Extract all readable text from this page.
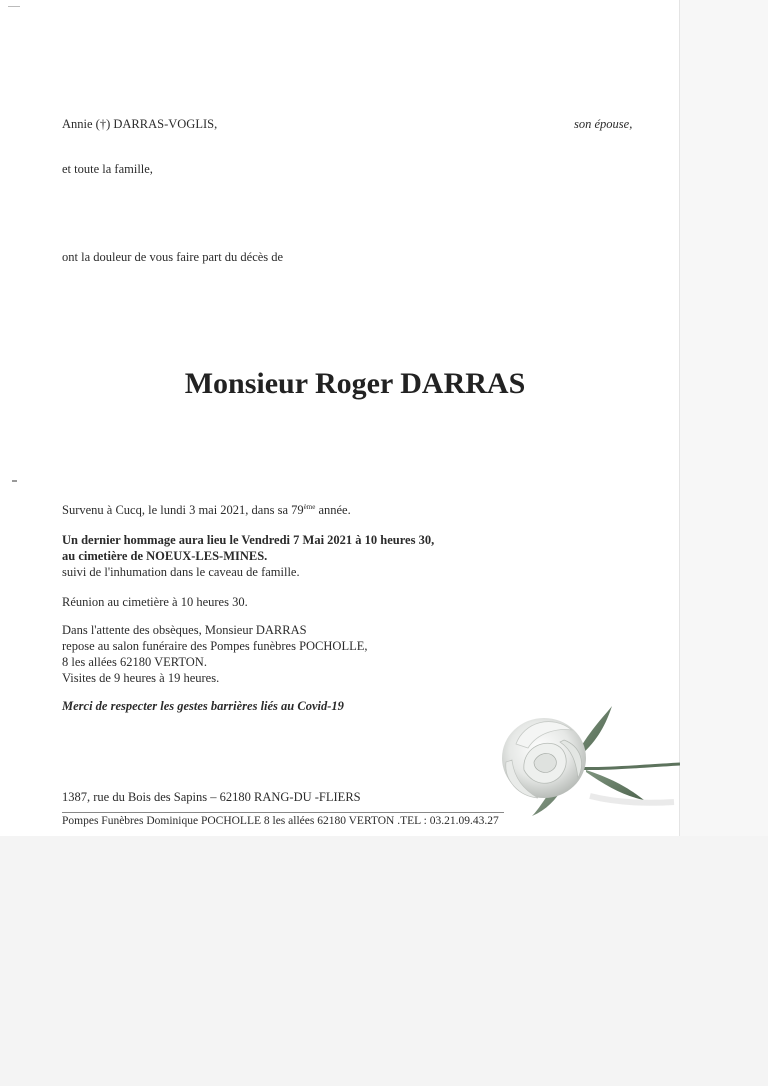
Annie (†) DARRAS-VOGLIS,	son épouse,
et toute la famille,
ont la douleur de vous faire part du décès de
Monsieur Roger DARRAS
Survenu à Cucq, le lundi 3 mai 2021, dans sa 79ème année.
Un dernier hommage aura lieu le Vendredi 7 Mai 2021 à 10 heures 30,
au cimetière de NOEUX-LES-MINES.
suivi de l'inhumation dans le caveau de famille.
Réunion au cimetière à 10 heures 30.
Dans l'attente des obsèques, Monsieur DARRAS
repose au salon funéraire des Pompes funèbres POCHOLLE,
8 les allées 62180 VERTON.
Visites de 9 heures à 19 heures.
Merci de respecter les gestes barrières liés au Covid-19
1387, rue du Bois des Sapins – 62180 RANG-DU -FLIERS
Pompes Funèbres Dominique POCHOLLE 8 les allées 62180 VERTON .TEL : 03.21.09.43.27
